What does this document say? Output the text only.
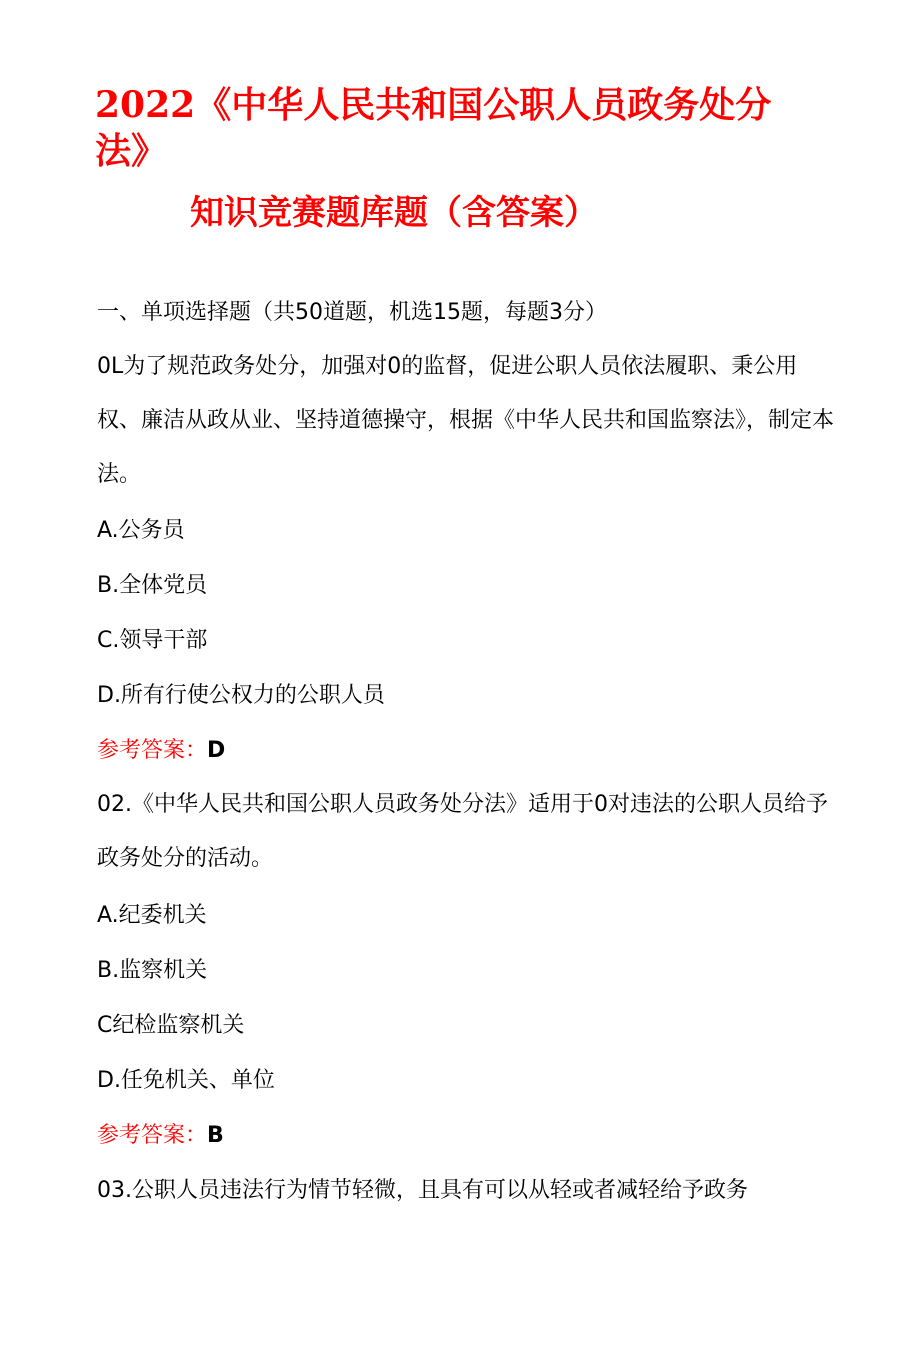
2022《中华人民共和国公职人员政务处分法》
知识竞赛题库题（含答案）
一、单项选择题（共50道题，机选15题，每题3分）

0L为了规范政务处分，加强对0的监督，促进公职人员依法履职、秉公用权、廉洁从政从业、坚持道德操守，根据《中华人民共和国监察法》，制定本法。

A.公务员
B.全体党员
C.领导干部
D.所有行使公权力的公职人员
参考答案：D

02.《中华人民共和国公职人员政务处分法》适用于0对违法的公职人员给予政务处分的活动。

A.纪委机关
B.监察机关
C纪检监察机关
D.任免机关、单位
参考答案：B
03.公职人员违法行为情节轻微，且具有可以从轻或者减轻给予政务
